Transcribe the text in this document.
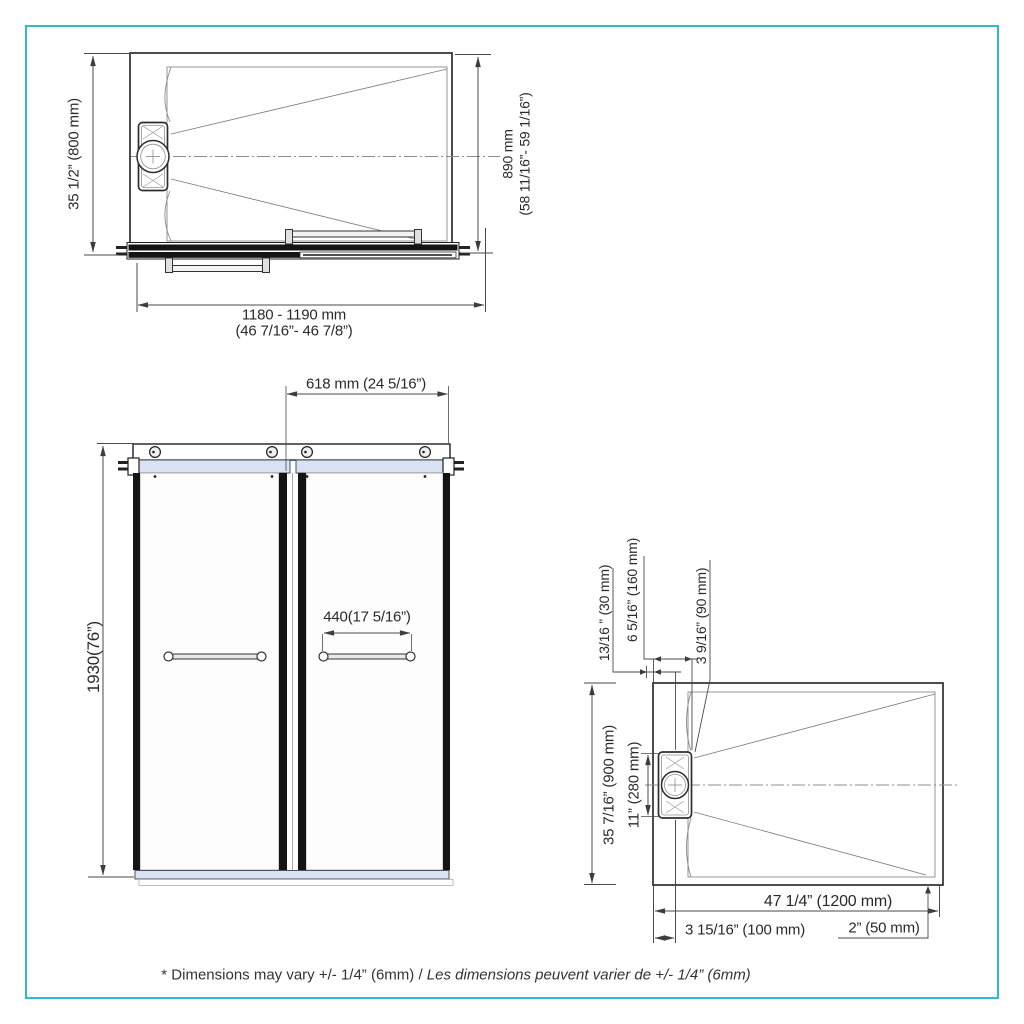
35 1/2” (800 mm)	890 mm (58 11/16”- 59 1/16”)
1180 - 1190 mm
(46 7/16”- 46 7/8”)
618 mm (24 5/16”)
1930(76”)
440(17 5/16”)	13/16 ” (30 mm) 6 5/16” (160 mm)	3 9/16” (90 mm)
35 7/16” (900 mm) 11” (280 mm)
47 1/4” (1200 mm)
3 15/16” (100 mm)	2” (50 mm)
* Dimensions may vary +/- 1/4” (6mm) / Les dimensions peuvent varier de +/- 1/4” (6mm)
